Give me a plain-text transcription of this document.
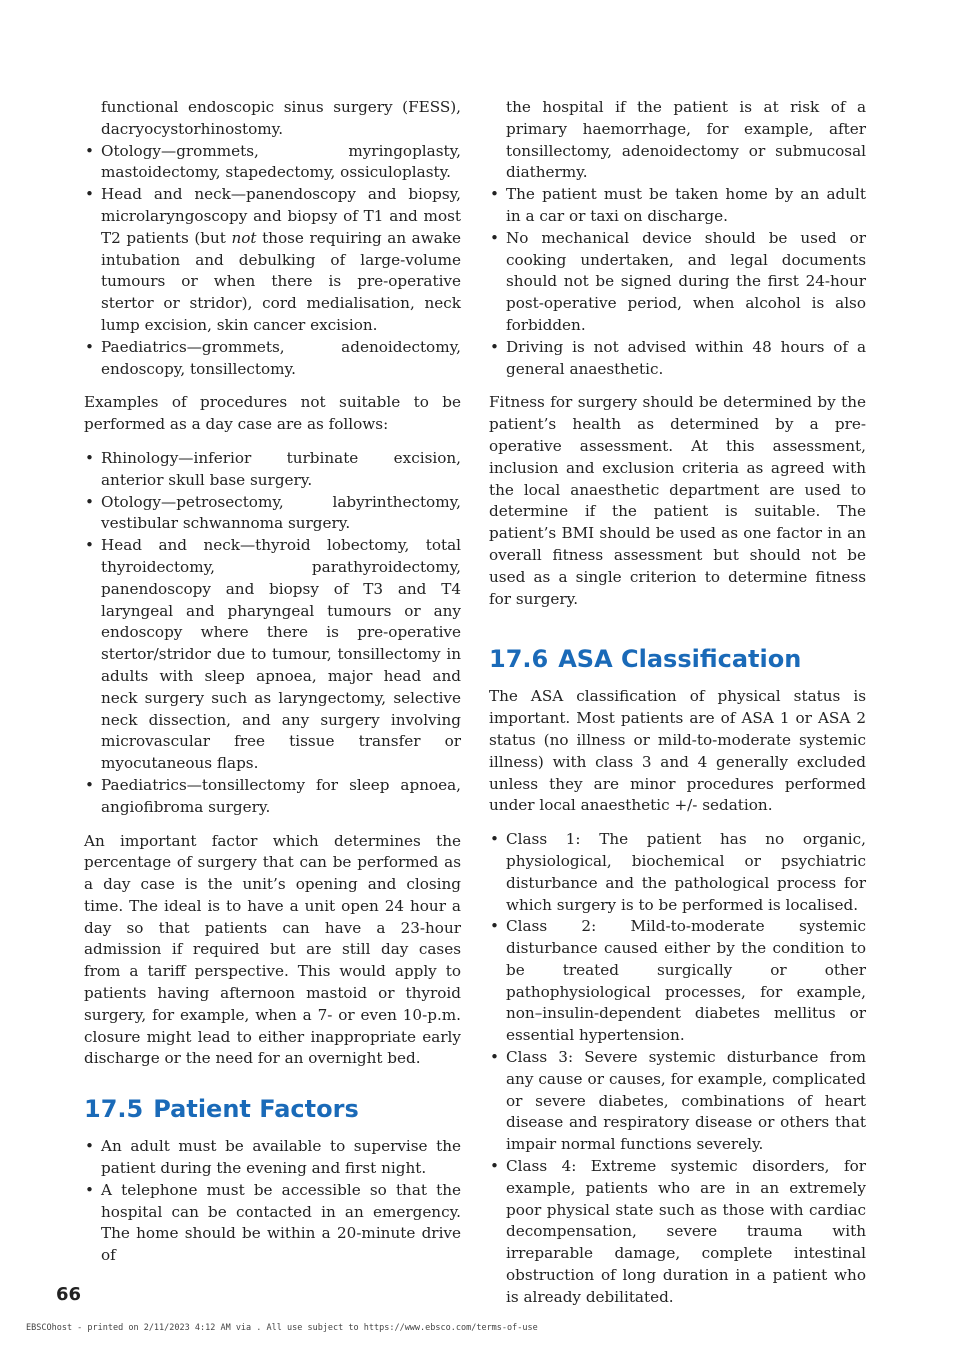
functional endoscopic sinus surgery (FESS), dacryocystorhinostomy.
• Otology—grommets, myringoplasty, mastoidectomy, stapedectomy, ossiculoplasty.
• Head and neck—panendoscopy and biopsy, microlaryngoscopy and biopsy of T1 and most T2 patients (but not those requiring an awake intubation and debulking of large-volume tumours or when there is pre-operative stertor or stridor), cord medialisation, neck lump excision, skin cancer excision.
• Paediatrics—grommets, adenoidectomy, endoscopy, tonsillectomy.

Examples of procedures not suitable to be performed as a day case are as follows:

• Rhinology—inferior turbinate excision, anterior skull base surgery.
• Otology—petrosectomy, labyrinthectomy, vestibular schwannoma surgery.
• Head and neck—thyroid lobectomy, total thyroidectomy, parathyroidectomy, panendoscopy and biopsy of T3 and T4 laryngeal and pharyngeal tumours or any endoscopy where there is pre-operative stertor/stridor due to tumour, tonsillectomy in adults with sleep apnoea, major head and neck surgery such as laryngectomy, selective neck dissection, and any surgery involving microvascular free tissue transfer or myocutaneous flaps.
• Paediatrics—tonsillectomy for sleep apnoea, angiofibroma surgery.

An important factor which determines the percentage of surgery that can be performed as a day case is the unit’s opening and closing time. The ideal is to have a unit open 24 hour a day so that patients can have a 23-hour admission if required but are still day cases from a tariff perspective. This would apply to patients having afternoon mastoid or thyroid surgery, for example, when a 7- or even 10-p.m. closure might lead to either inappropriate early discharge or the need for an overnight bed.

17.5 Patient Factors
• An adult must be available to supervise the patient during the evening and first night.
• A telephone must be accessible so that the hospital can be contacted in an emergency. The home should be within a 20-minute drive of
the hospital if the patient is at risk of a primary haemorrhage, for example, after tonsillectomy, adenoidectomy or submucosal diathermy.
• The patient must be taken home by an adult in a car or taxi on discharge.
• No mechanical device should be used or cooking undertaken, and legal documents should not be signed during the first 24-hour post-operative period, when alcohol is also forbidden.
• Driving is not advised within 48 hours of a general anaesthetic.

Fitness for surgery should be determined by the patient’s health as determined by a pre-operative assessment. At this assessment, inclusion and exclusion criteria as agreed with the local anaesthetic department are used to determine if the patient is suitable. The patient’s BMI should be used as one factor in an overall fitness assessment but should not be used as a single criterion to determine fitness for surgery.

17.6 ASA Classification

The ASA classification of physical status is important. Most patients are of ASA 1 or ASA 2 status (no illness or mild-to-moderate systemic illness) with class 3 and 4 generally excluded unless they are minor procedures performed under local anaesthetic +/- sedation.

• Class 1: The patient has no organic, physiological, biochemical or psychiatric disturbance and the pathological process for which surgery is to be performed is localised.
• Class 2: Mild-to-moderate systemic disturbance caused either by the condition to be treated surgically or other pathophysiological processes, for example, non–insulin-dependent diabetes mellitus or essential hypertension.
• Class 3: Severe systemic disturbance from any cause or causes, for example, complicated or severe diabetes, combinations of heart disease and respiratory disease or others that impair normal functions severely.
• Class 4: Extreme systemic disorders, for example, patients who are in an extremely poor physical state such as those with cardiac decompensation, severe trauma with irreparable damage, complete intestinal obstruction of long duration in a patient who is already debilitated.
66
EBSCOhost - printed on 2/11/2023 4:12 AM via . All use subject to https://www.ebsco.com/terms-of-use
